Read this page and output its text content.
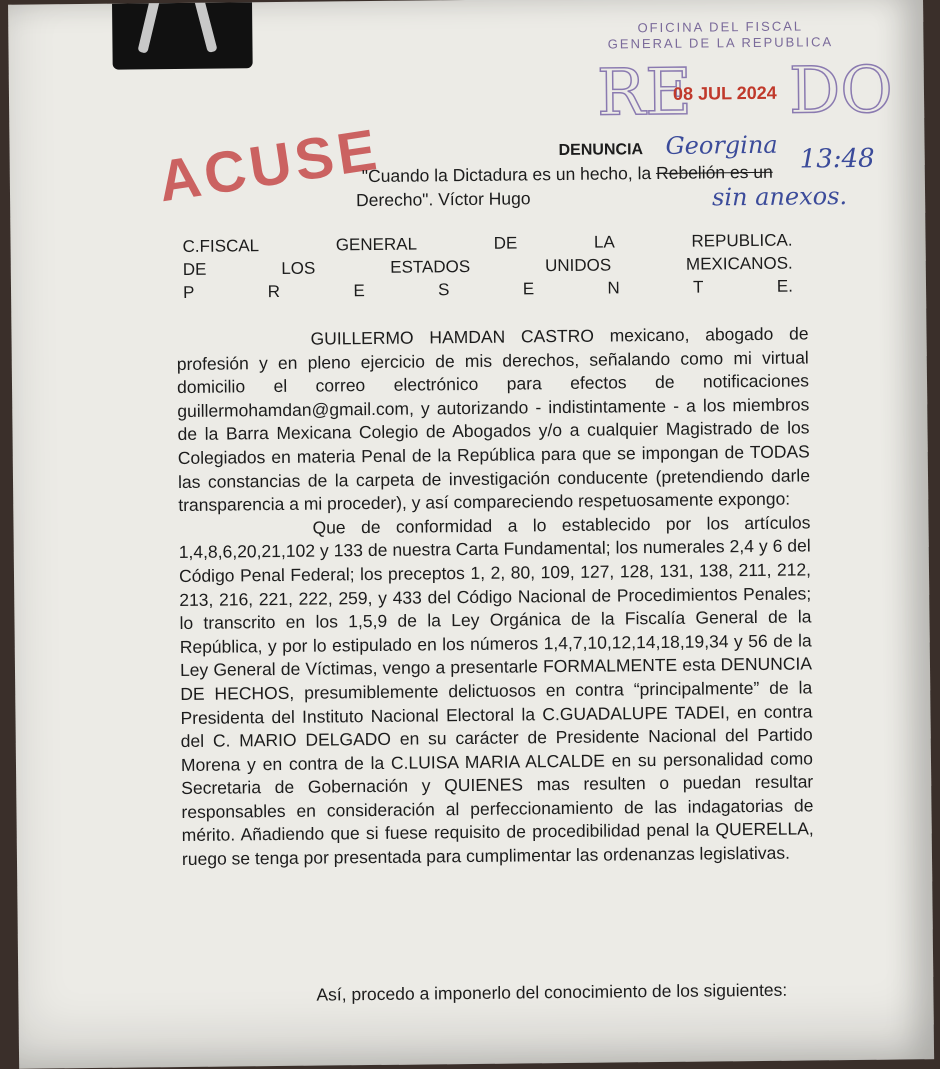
OFICINA DEL FISCAL
GENERAL DE LA REPUBLICA
RE
08 JUL 2024 DO
ACUSE	Georgina 13:48
sin anexos.
DENUNCIA
"Cuando la Dictadura es un hecho, la Rebelión es un
Derecho". Víctor Hugo
C.FISCAL	GENERAL	DE	LA	REPUBLICA.
DE	LOS	ESTADOS	UNIDOS	MEXICANOS.
P	R	E	S	E	N	T	E.

GUILLERMO HAMDAN CASTRO mexicano, abogado de profesión y en pleno ejercicio de mis derechos, señalando como mi virtual domicilio el correo electrónico para efectos de notificaciones guillermohamdan@gmail.com, y autorizando - indistintamente - a los miembros de la Barra Mexicana Colegio de Abogados y/o a cualquier Magistrado de los Colegiados en materia Penal de la República para que se impongan de TODAS las constancias de la carpeta de investigación conducente (pretendiendo darle transparencia a mi proceder), y así compareciendo respetuosamente expongo:

Que de conformidad a lo establecido por los artículos 1,4,8,6,20,21,102 y 133 de nuestra Carta Fundamental; los numerales 2,4 y 6 del Código Penal Federal; los preceptos 1, 2, 80, 109, 127, 128, 131, 138, 211, 212, 213, 216, 221, 222, 259, y 433 del Código Nacional de Procedimientos Penales; lo transcrito en los 1,5,9 de la Ley Orgánica de la Fiscalía General de la República, y por lo estipulado en los números 1,4,7,10,12,14,18,19,34 y 56 de la Ley General de Víctimas, vengo a presentarle FORMALMENTE esta DENUNCIA DE HECHOS, presumiblemente delictuosos en contra “principalmente” de la Presidenta del Instituto Nacional Electoral la C.GUADALUPE TADEI, en contra del C. MARIO DELGADO en su carácter de Presidente Nacional del Partido Morena y en contra de la C.LUISA MARIA ALCALDE en su personalidad como Secretaria de Gobernación y QUIENES mas resulten o puedan resultar responsables en consideración al perfeccionamiento de las indagatorias de mérito. Añadiendo que si fuese requisito de procedibilidad penal la QUERELLA, ruego se tenga por presentada para cumplimentar las ordenanzas legislativas.

Así, procedo a imponerlo del conocimiento de los siguientes:
